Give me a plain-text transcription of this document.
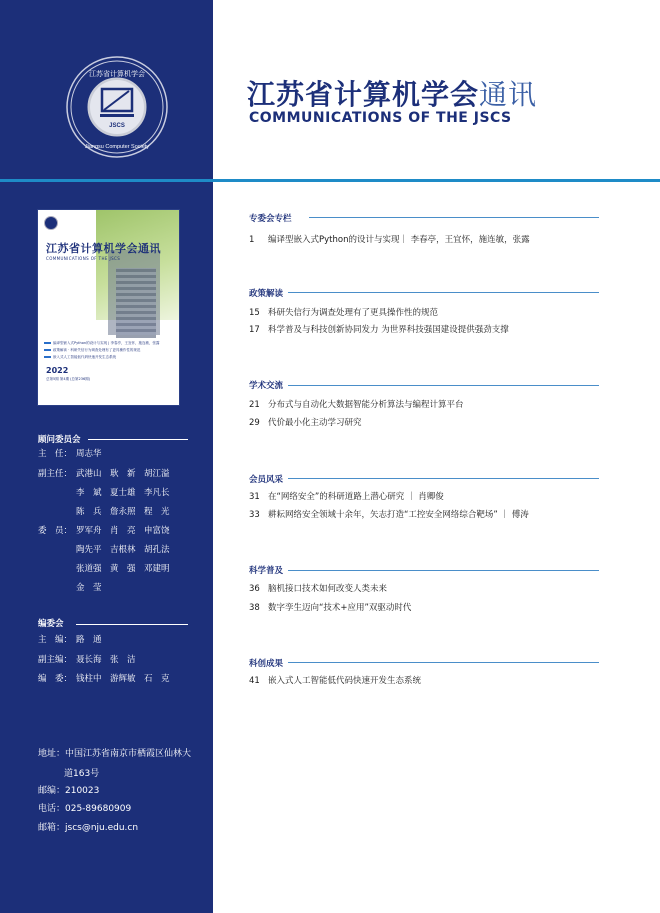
JSCS
江苏省计算机学会
Jiangsu Computer Society
江苏省计算机学会通讯
COMMUNICATIONS OF THE JSCS
编译型嵌入式Python的设计与实现 | 李春亭，王宜怀，施连敏，张露
政策解读 · 科研失信行为调查处理有了更具操作性的规范
嵌入式人工智能低代码快速开发生态系统
2022
总第5期 第4期 (总第236期)
顾问委员会
主　任： 周志华
副主任： 武港山　耿　新　胡江溢
李　斌　夏士雄　李凡长
陈　兵　詹永照　程　光
委　员： 罗军舟　肖　亮　申富饶
陶先平　吉根林　胡孔法
张道强　黄　强　邓建明
金　莹
编委会
主　编： 路　通
副主编： 聂长海　张　洁
编　委： 钱柱中　游辉敏　石　克
地址：中国江苏省南京市栖霞区仙林大
道163号
邮编：210023
电话：025-89680909
邮箱：jscs@nju.edu.cn
江苏省计算机学会通讯
COMMUNICATIONS OF THE JSCS
专委会专栏
1 编译型嵌入式Python的设计与实现｜ 李春亭，王宜怀，施连敏，张露
政策解读
15 科研失信行为调查处理有了更具操作性的规范
17 科学普及与科技创新协同发力 为世界科技强国建设提供强劲支撑
学术交流
21 分布式与自动化大数据智能分析算法与编程计算平台
29 代价最小化主动学习研究
会员风采
31 在“网络安全”的科研道路上潜心研究 ｜ 肖卿俊
33 耕耘网络安全领域十余年，矢志打造“工控安全网络综合靶场” ｜ 傅涛
科学普及
36 脑机接口技术如何改变人类未来
38 数字孪生迈向“技术+应用”双驱动时代
科创成果
41 嵌入式人工智能低代码快速开发生态系统
